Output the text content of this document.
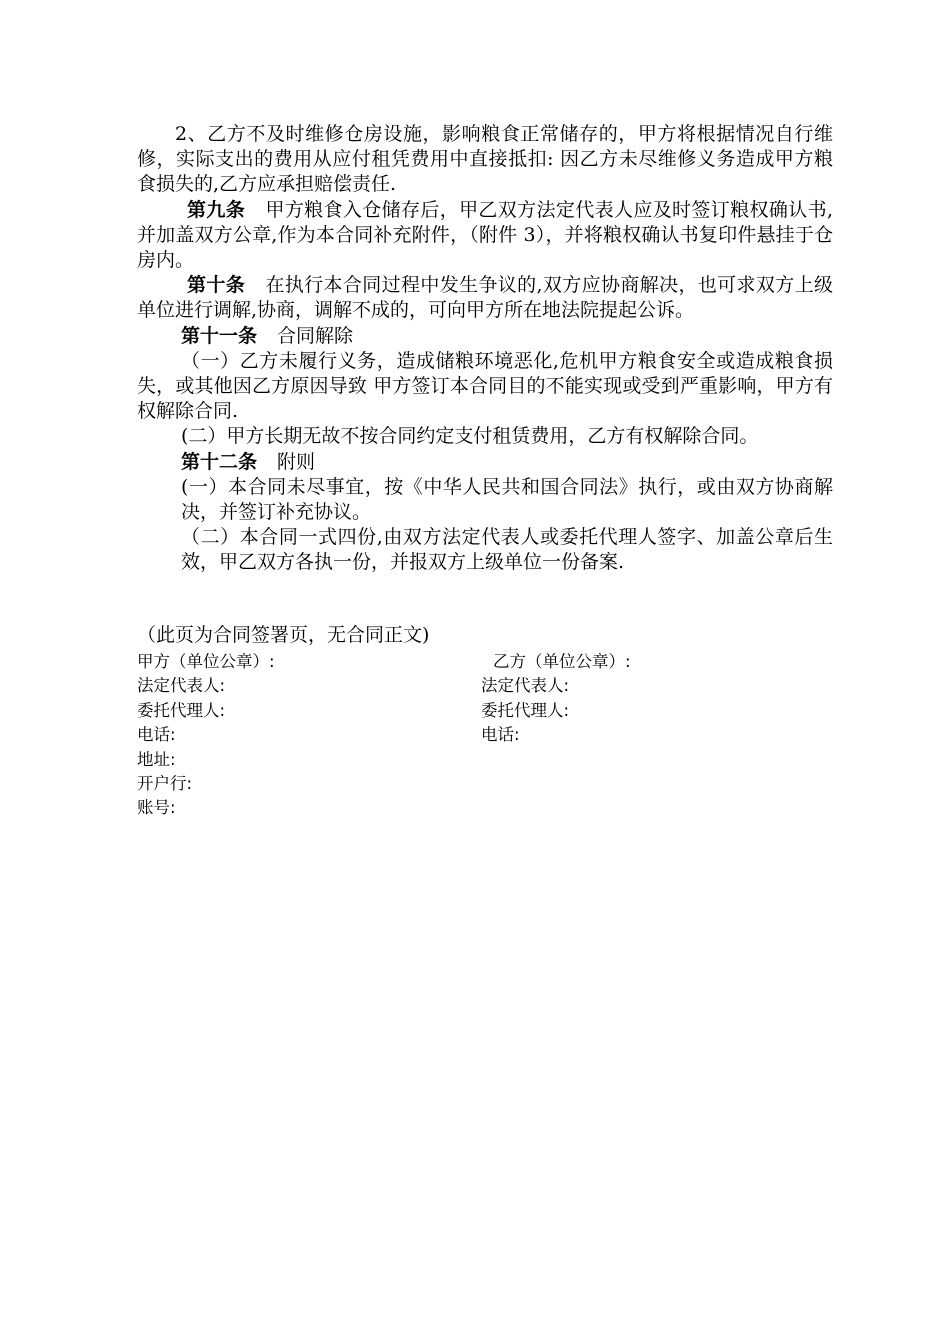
2、乙方不及时维修仓房设施，影响粮食正常储存的，甲方将根据情况自行维修，实际支出的费用从应付租凭费用中直接抵扣: 因乙方未尽维修义务造成甲方粮食损失的,乙方应承担赔偿责任.

第九条 甲方粮食入仓储存后，甲乙双方法定代表人应及时签订粮权确认书,并加盖双方公章,作为本合同补充附件，（附件 3），并将粮权确认书复印件悬挂于仓房内。

第十条 在执行本合同过程中发生争议的,双方应协商解决，也可求双方上级单位进行调解,协商，调解不成的，可向甲方所在地法院提起公诉。

第十一条 合同解除

（一）乙方未履行义务，造成储粮环境恶化,危机甲方粮食安全或造成粮食损失，或其他因乙方原因导致 甲方签订本合同目的不能实现或受到严重影响，甲方有权解除合同.

(二）甲方长期无故不按合同约定支付租赁费用，乙方有权解除合同。

第十二条 附则

(一）本合同未尽事宜，按《中华人民共和国合同法》执行，或由双方协商解决，并签订补充协议。

（二）本合同一式四份,由双方法定代表人或委托代理人签字、加盖公章后生效，甲乙双方各执一份，并报双方上级单位一份备案.

（此页为合同签署页，无合同正文)
甲方（单位公章）:
法定代表人:
委托代理人:
电话:
地址:
开户行:
账号:
乙方（单位公章）:
法定代表人:
委托代理人:
电话:
